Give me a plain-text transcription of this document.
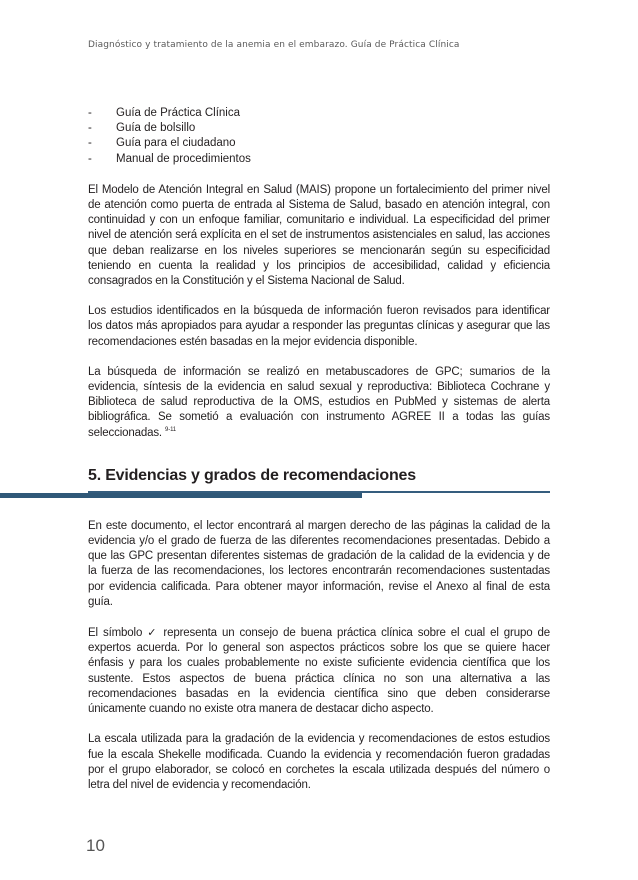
Diagnóstico y tratamiento de la anemia en el embarazo. Guía de Práctica Clínica
- Guía de Práctica Clínica
- Guía de bolsillo
- Guía para el ciudadano
- Manual de procedimientos

El Modelo de Atención Integral en Salud (MAIS) propone un fortalecimiento del primer nivel de atención como puerta de entrada al Sistema de Salud, basado en atención integral, con continuidad y con un enfoque familiar, comunitario e individual. La especificidad del primer nivel de atención será explícita en el set de instrumentos asistenciales en salud, las acciones que deban realizarse en los niveles superiores se mencionarán según su especificidad teniendo en cuenta la realidad y los principios de accesibilidad, calidad y eficiencia consagrados en la Constitución y el Sistema Nacional de Salud.

Los estudios identificados en la búsqueda de información fueron revisados para identificar los datos más apropiados para ayudar a responder las preguntas clínicas y asegurar que las recomendaciones estén basadas en la mejor evidencia disponible.

La búsqueda de información se realizó en metabuscadores de GPC; sumarios de la evidencia, síntesis de la evidencia en salud sexual y reproductiva: Biblioteca Cochrane y Biblioteca de salud reproductiva de la OMS, estudios en PubMed y sistemas de alerta bibliográfica. Se sometió a evaluación con instrumento AGREE II a todas las guías seleccionadas. $^{9-11}$

5. Evidencias y grados de recomendaciones

En este documento, el lector encontrará al margen derecho de las páginas la calidad de la evidencia y/o el grado de fuerza de las diferentes recomendaciones presentadas. Debido a que las GPC presentan diferentes sistemas de gradación de la calidad de la evidencia y de la fuerza de las recomendaciones, los lectores encontrarán recomendaciones sustentadas por evidencia calificada. Para obtener mayor información, revise el Anexo al final de esta guía.

El símbolo ✓ representa un consejo de buena práctica clínica sobre el cual el grupo de expertos acuerda. Por lo general son aspectos prácticos sobre los que se quiere hacer énfasis y para los cuales probablemente no existe suficiente evidencia científica que los sustente. Estos aspectos de buena práctica clínica no son una alternativa a las recomendaciones basadas en la evidencia científica sino que deben considerarse únicamente cuando no existe otra manera de destacar dicho aspecto.

La escala utilizada para la gradación de la evidencia y recomendaciones de estos estudios fue la escala Shekelle modificada. Cuando la evidencia y recomendación fueron gradadas por el grupo elaborador, se colocó en corchetes la escala utilizada después del número o letra del nivel de evidencia y recomendación.

10
